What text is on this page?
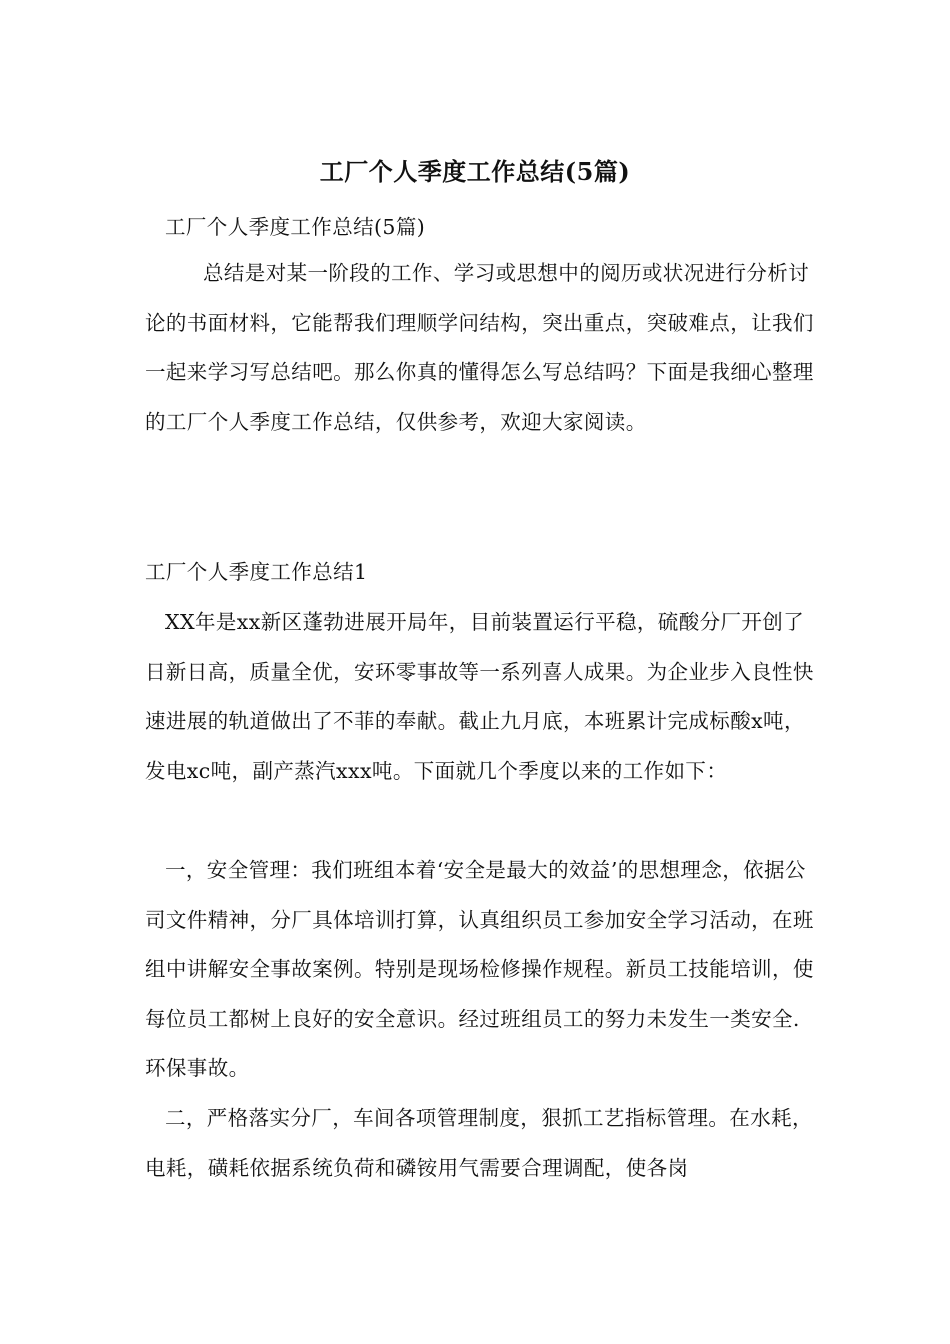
工厂个人季度工作总结(5篇)

工厂个人季度工作总结(5篇)

总结是对某一阶段的工作、学习或思想中的阅历或状况进行分析讨论的书面材料，它能帮我们理顺学问结构，突出重点，突破难点，让我们一起来学习写总结吧。那么你真的懂得怎么写总结吗？下面是我细心整理的工厂个人季度工作总结，仅供参考，欢迎大家阅读。

工厂个人季度工作总结1

XX年是xx新区蓬勃进展开局年，目前装置运行平稳，硫酸分厂开创了日新日高，质量全优，安环零事故等一系列喜人成果。为企业步入良性快速进展的轨道做出了不菲的奉献。截止九月底，本班累计完成标酸x吨，发电xc吨，副产蒸汽xxx吨。下面就几个季度以来的工作如下：

一，安全管理：我们班组本着‘安全是最大的效益’的思想理念，依据公司文件精神，分厂具体培训打算，认真组织员工参加安全学习活动，在班组中讲解安全事故案例。特别是现场检修操作规程。新员工技能培训，使每位员工都树上良好的安全意识。经过班组员工的努力未发生一类安全.环保事故。

二，严格落实分厂，车间各项管理制度，狠抓工艺指标管理。在水耗，电耗，磺耗依据系统负荷和磷铵用气需要合理调配，使各岗
